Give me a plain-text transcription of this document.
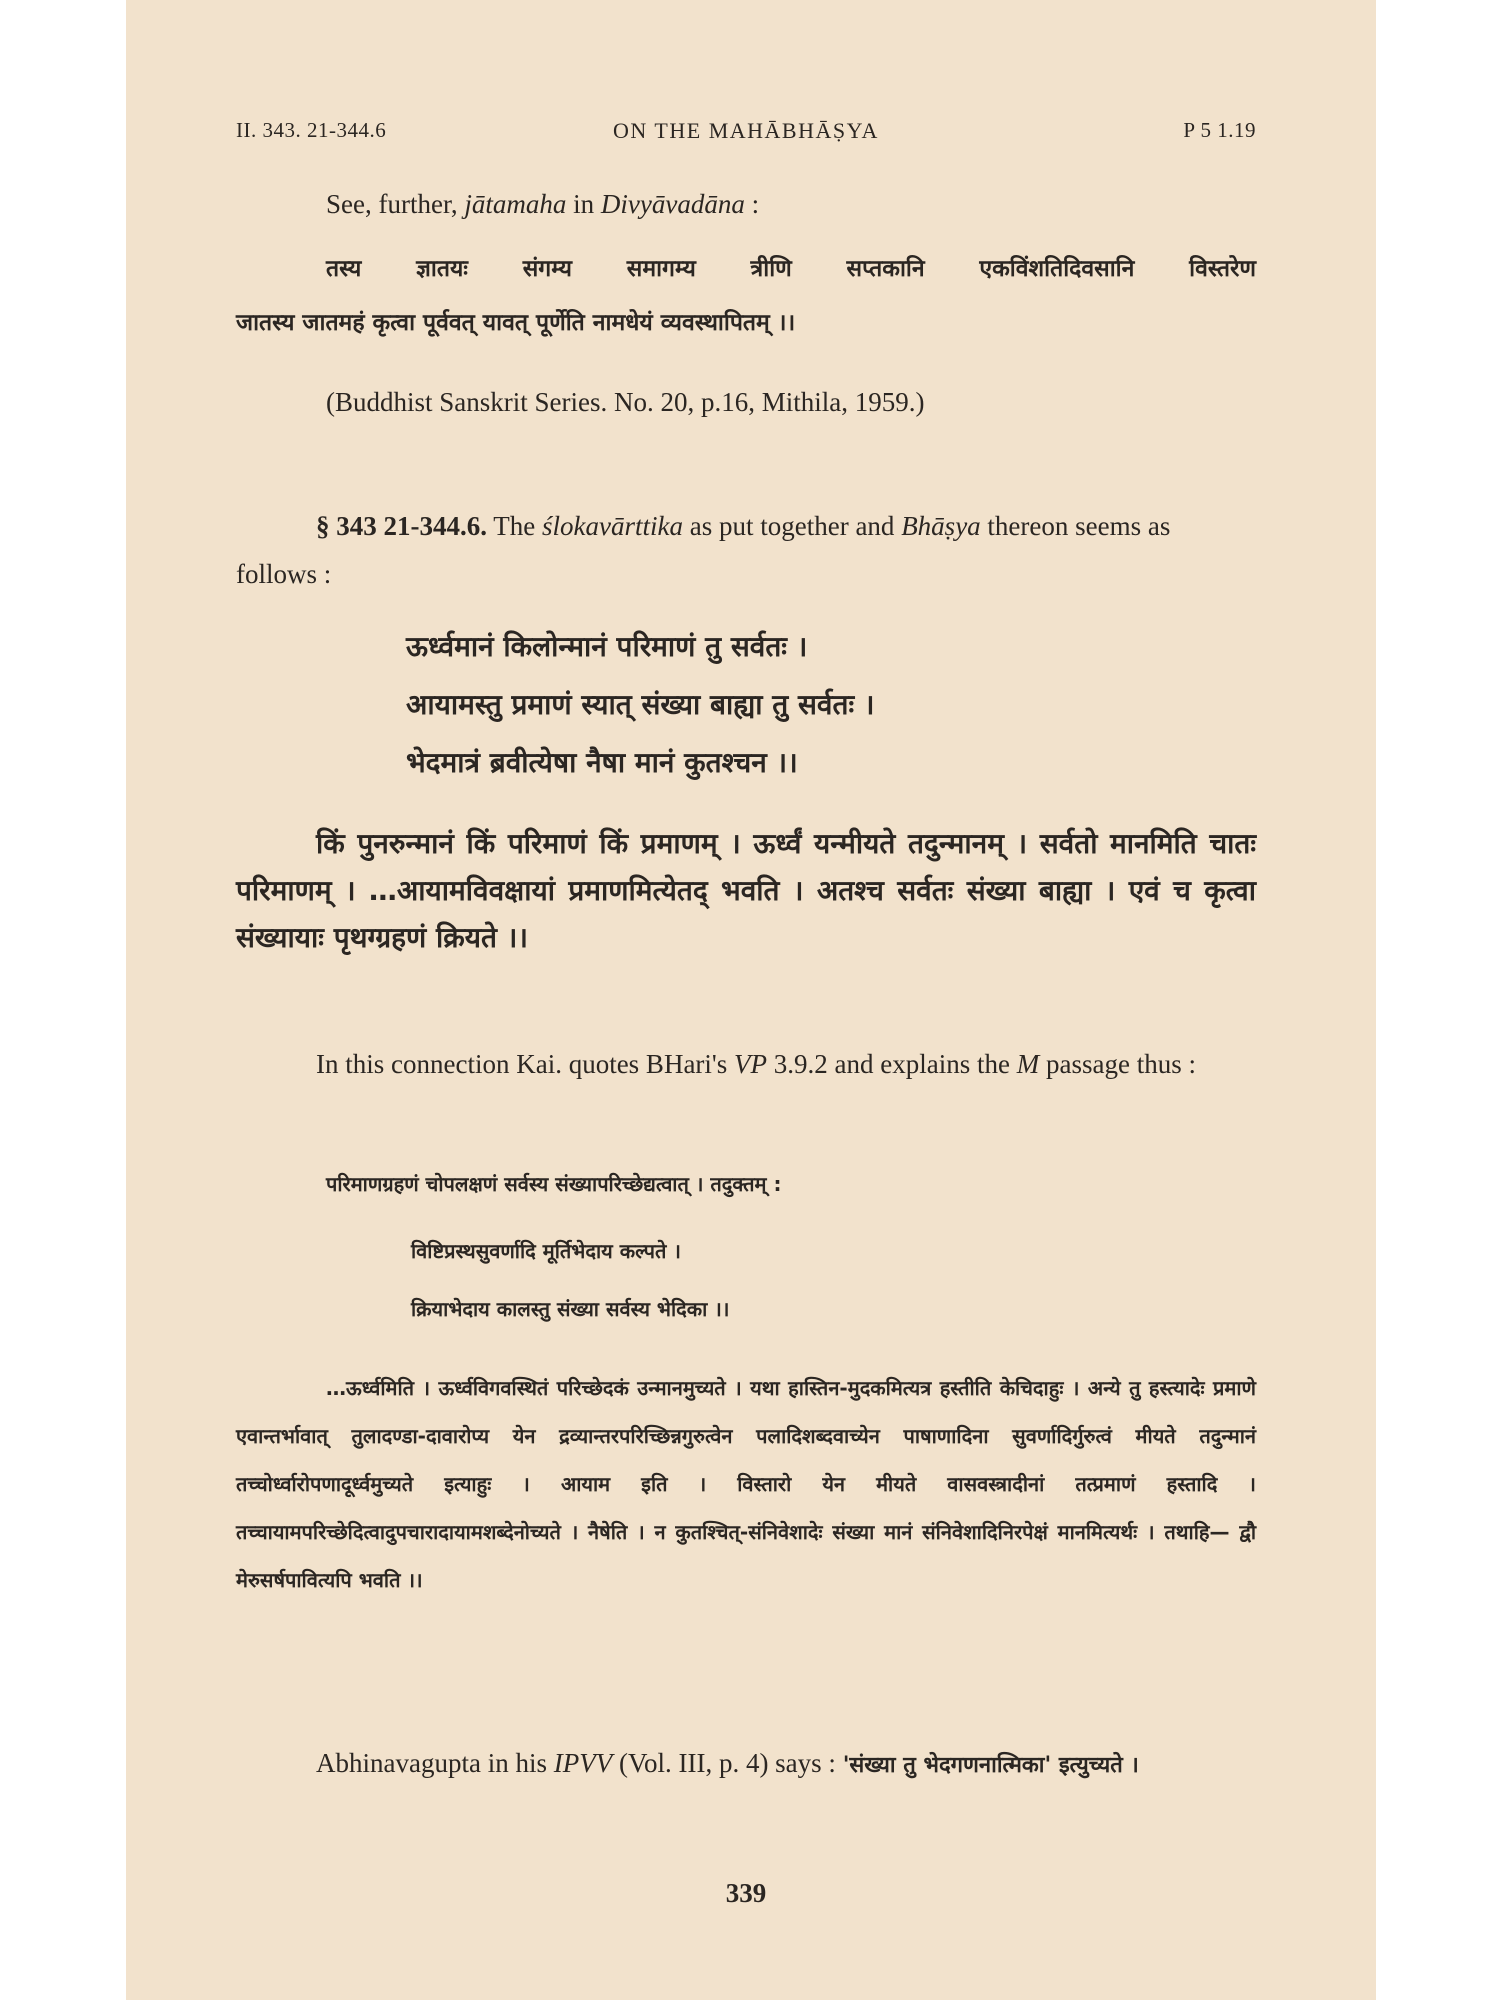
II. 343. 21-344.6	ON THE MAHĀBHĀṢYA	P 5 1.19
See, further, jātamaha in Divyāvadāna :
तस्य ज्ञातयः संगम्य समागम्य त्रीणि सप्तकानि एकविंशतिदिवसानि विस्तरेण
जातस्य जातमहं कृत्वा पूर्ववत् यावत् पूर्णेति नामधेयं व्यवस्थापितम् ।।
(Buddhist Sanskrit Series. No. 20, p.16, Mithila, 1959.)
§ 343 21-344.6. The ślokavārttika as put together and Bhāṣya thereon seems as follows :
ऊर्ध्वमानं किलोन्मानं परिमाणं तु सर्वतः ।
आयामस्तु प्रमाणं स्यात् संख्या बाह्या तु सर्वतः ।
भेदमात्रं ब्रवीत्येषा नैषा मानं कुतश्चन ।।
किं पुनरुन्मानं किं परिमाणं किं प्रमाणम् । ऊर्ध्वं यन्मीयते तदुन्मानम् । सर्वतो मानमिति चातः परिमाणम् । …आयामविवक्षायां प्रमाणमित्येतद् भवति । अतश्च सर्वतः संख्या बाह्या । एवं च कृत्वा संख्यायाः पृथग्ग्रहणं क्रियते ।।
In this connection Kai. quotes BHari's VP 3.9.2 and explains the M passage thus :
परिमाणग्रहणं चोपलक्षणं सर्वस्य संख्यापरिच्छेद्यत्वात् । तदुक्तम् :
विष्टिप्रस्थसुवर्णादि मूर्तिभेदाय कल्पते ।
क्रियाभेदाय कालस्तु संख्या सर्वस्य भेदिका ।।
…ऊर्ध्वमिति । ऊर्ध्वविगवस्थितं परिच्छेदकं उन्मानमुच्यते । यथा हास्तिन-मुदकमित्यत्र हस्तीति केचिदाहुः । अन्ये तु हस्त्यादेः प्रमाणे एवान्तर्भावात् तुलादण्डा-दावारोप्य येन द्रव्यान्तरपरिच्छिन्नगुरुत्वेन पलादिशब्दवाच्येन पाषाणादिना सुवर्णादिर्गुरुत्वं मीयते तदुन्मानं तच्चोर्ध्वारोपणादूर्ध्वमुच्यते इत्याहुः । आयाम इति । विस्तारो येन मीयते वासवस्त्रादीनां तत्प्रमाणं हस्तादि । तच्चायामपरिच्छेदित्वादुपचारादायामशब्देनोच्यते । नैषेति । न कुतश्चित्-संनिवेशादेः संख्या मानं संनिवेशादिनिरपेक्षं मानमित्यर्थः । तथाहि— द्वौ मेरुसर्षपावित्यपि भवति ।।
Abhinavagupta in his IPVV (Vol. III, p. 4) says : 'संख्या तु भेदगणनात्मिका' इत्युच्यते ।
339
